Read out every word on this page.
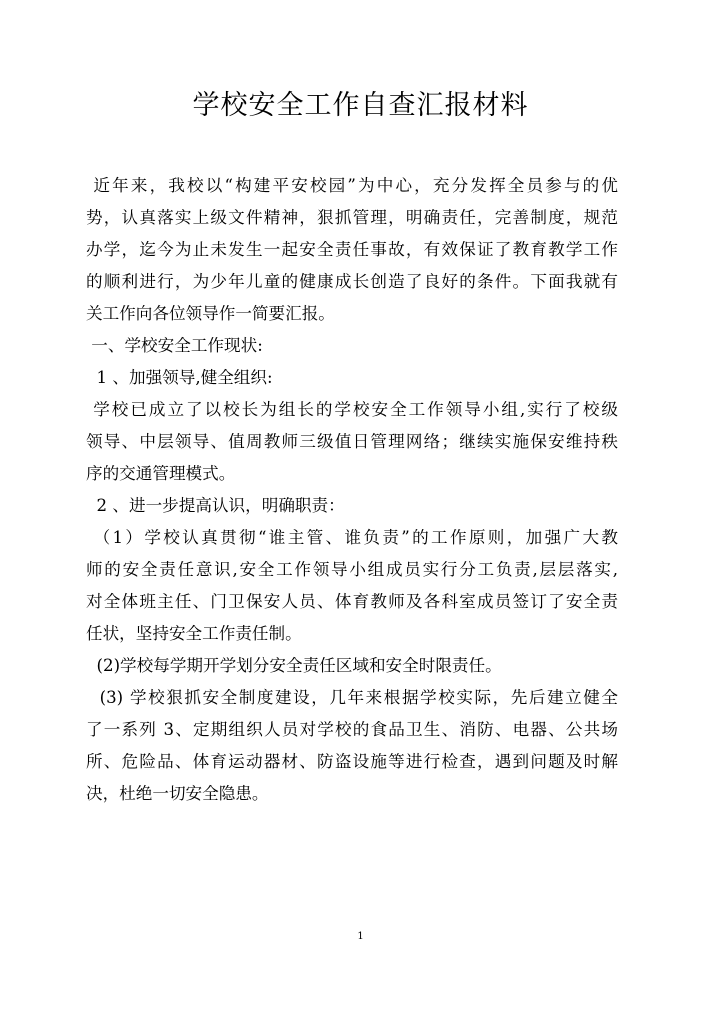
学校安全工作自查汇报材料

近年来，我校以“构建平安校园”为中心，充分发挥全员参与的优

势，认真落实上级文件精神，狠抓管理，明确责任，完善制度，规范

办学，迄今为止未发生一起安全责任事故，有效保证了教育教学工作

的顺利进行，为少年儿童的健康成长创造了良好的条件。下面我就有

关工作向各位领导作一简要汇报。

一、学校安全工作现状:

1 、加强领导,健全组织:

学校已成立了以校长为组长的学校安全工作领导小组,实行了校级

领导、中层领导、值周教师三级值日管理网络；继续实施保安维持秩

序的交通管理模式。

2 、进一步提高认识，明确职责：

（1）学校认真贯彻“谁主管、谁负责”的工作原则，加强广大教

师的安全责任意识,安全工作领导小组成员实行分工负责,层层落实,

对全体班主任、门卫保安人员、体育教师及各科室成员签订了安全责

任状，坚持安全工作责任制。

(2)学校每学期开学划分安全责任区域和安全时限责任。

(3) 学校狠抓安全制度建设，几年来根据学校实际，先后建立健全

了一系列 3、定期组织人员对学校的食品卫生、消防、电器、公共场

所、危险品、体育运动器材、防盗设施等进行检查，遇到问题及时解

决，杜绝一切安全隐患。

1
